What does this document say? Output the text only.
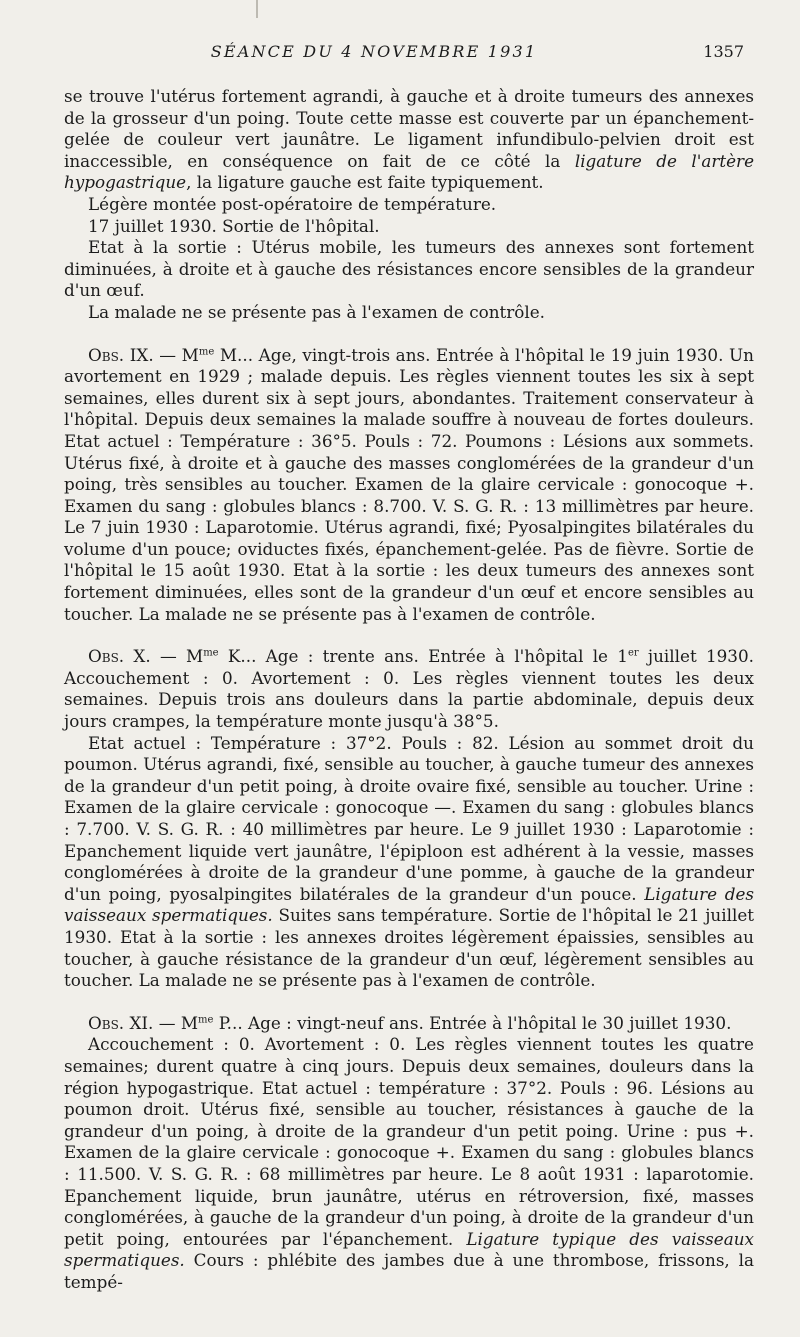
SÉANCE DU 4 NOVEMBRE 1931	1357

se trouve l'utérus fortement agrandi, à gauche et à droite tumeurs des annexes de la grosseur d'un poing. Toute cette masse est couverte par un épanchement-gelée de couleur vert jaunâtre. Le ligament infundibulo-pelvien droit est inaccessible, en conséquence on fait de ce côté la ligature de l'artère hypogastrique, la ligature gauche est faite typiquement.

Légère montée post-opératoire de température.

17 juillet 1930. Sortie de l'hôpital.

Etat à la sortie : Utérus mobile, les tumeurs des annexes sont fortement diminuées, à droite et à gauche des résistances encore sensibles de la grandeur d'un œuf.

La malade ne se présente pas à l'examen de contrôle.

Obs. IX. — $M^{me}$ M... Age, vingt-trois ans. Entrée à l'hôpital le 19 juin 1930. Un avortement en 1929 ; malade depuis. Les règles viennent toutes les six à sept semaines, elles durent six à sept jours, abondantes. Traitement conservateur à l'hôpital. Depuis deux semaines la malade souffre à nouveau de fortes douleurs. Etat actuel : Température : 36°5. Pouls : 72. Poumons : Lésions aux sommets. Utérus fixé, à droite et à gauche des masses conglomérées de la grandeur d'un poing, très sensibles au toucher. Examen de la glaire cervicale : gonocoque +. Examen du sang : globules blancs : 8.700. V. S. G. R. : 13 millimètres par heure. Le 7 juin 1930 : Laparotomie. Utérus agrandi, fixé; Pyosalpingites bilatérales du volume d'un pouce; oviductes fixés, épanchement-gelée. Pas de fièvre. Sortie de l'hôpital le 15 août 1930. Etat à la sortie : les deux tumeurs des annexes sont fortement diminuées, elles sont de la grandeur d'un œuf et encore sensibles au toucher. La malade ne se présente pas à l'examen de contrôle.

Obs. X. — $M^{me}$ K... Age : trente ans. Entrée à l'hôpital le 1er juillet 1930. Accouchement : 0. Avortement : 0. Les règles viennent toutes les deux semaines. Depuis trois ans douleurs dans la partie abdominale, depuis deux jours crampes, la température monte jusqu'à 38°5.

Etat actuel : Température : 37°2. Pouls : 82. Lésion au sommet droit du poumon. Utérus agrandi, fixé, sensible au toucher, à gauche tumeur des annexes de la grandeur d'un petit poing, à droite ovaire fixé, sensible au toucher. Urine : Examen de la glaire cervicale : gonocoque —. Examen du sang : globules blancs : 7.700. V. S. G. R. : 40 millimètres par heure. Le 9 juillet 1930 : Laparotomie : Epanchement liquide vert jaunâtre, l'épiploon est adhérent à la vessie, masses conglomérées à droite de la grandeur d'une pomme, à gauche de la grandeur d'un poing, pyosalpingites bilatérales de la grandeur d'un pouce. Ligature des vaisseaux spermatiques. Suites sans température. Sortie de l'hôpital le 21 juillet 1930. Etat à la sortie : les annexes droites légèrement épaissies, sensibles au toucher, à gauche résistance de la grandeur d'un œuf, légèrement sensibles au toucher. La malade ne se présente pas à l'examen de contrôle.

Obs. XI. — $M^{me}$ P... Age : vingt-neuf ans. Entrée à l'hôpital le 30 juillet 1930.

Accouchement : 0. Avortement : 0. Les règles viennent toutes les quatre semaines; durent quatre à cinq jours. Depuis deux semaines, douleurs dans la région hypogastrique. Etat actuel : température : 37°2. Pouls : 96. Lésions au poumon droit. Utérus fixé, sensible au toucher, résistances à gauche de la grandeur d'un poing, à droite de la grandeur d'un petit poing. Urine : pus +. Examen de la glaire cervicale : gonocoque +. Examen du sang : globules blancs : 11.500. V. S. G. R. : 68 millimètres par heure. Le 8 août 1931 : laparotomie. Epanchement liquide, brun jaunâtre, utérus en rétroversion, fixé, masses conglomérées, à gauche de la grandeur d'un poing, à droite de la grandeur d'un petit poing, entourées par l'épanchement. Ligature typique des vaisseaux spermatiques. Cours : phlébite des jambes due à une thrombose, frissons, la tempé-
